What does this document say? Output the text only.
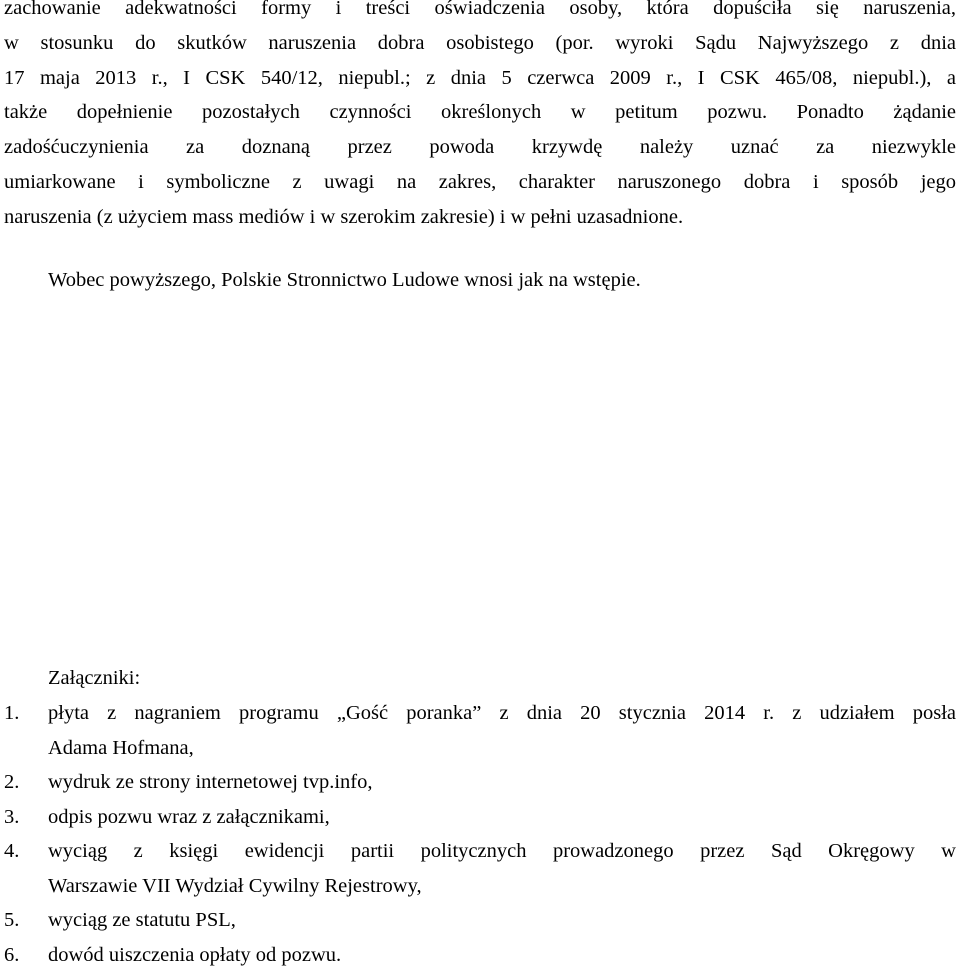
zachowanie adekwatności formy i treści oświadczenia osoby, która dopuściła się naruszenia,
w stosunku do skutków naruszenia dobra osobistego (por. wyroki Sądu Najwyższego z dnia
17 maja 2013 r., I CSK 540/12, niepubl.; z dnia 5 czerwca 2009 r., I CSK 465/08, niepubl.), a
także dopełnienie pozostałych czynności określonych w petitum pozwu. Ponadto żądanie
zadośćuczynienia za doznaną przez powoda krzywdę należy uznać za niezwykle
umiarkowane i symboliczne z uwagi na zakres, charakter naruszonego dobra i sposób jego
naruszenia (z użyciem mass mediów i w szerokim zakresie) i w pełni uzasadnione.

Wobec powyższego, Polskie Stronnictwo Ludowe wnosi jak na wstępie.

Załączniki:

1. płyta z nagraniem programu „Gość poranka” z dnia 20 stycznia 2014 r. z udziałem posła
Adama Hofmana,
2. wydruk ze strony internetowej tvp.info,
3. odpis pozwu wraz z załącznikami,
4. wyciąg z księgi ewidencji partii politycznych prowadzonego przez Sąd Okręgowy w
Warszawie VII Wydział Cywilny Rejestrowy,
5. wyciąg ze statutu PSL,
6. dowód uiszczenia opłaty od pozwu.
